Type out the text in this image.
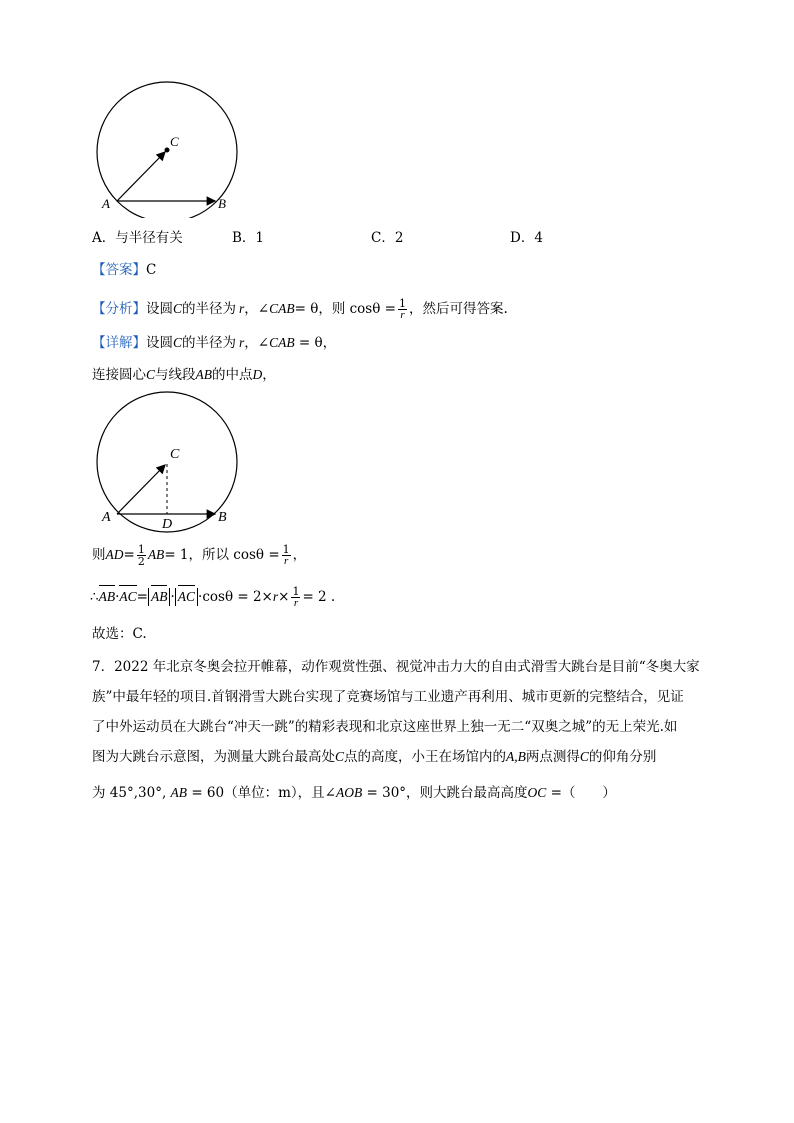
A	B
C
A．与半径有关	B．1	C．2	D．4
【答案】C
【分析】 设圆 C 的半径为 r ，∠ CAB = θ，则 $\cos\theta = \frac{1}{r}$ ，然后可得答案.
【详解】设圆C的半径为 r，∠CAB = θ，
连接圆心C与线段AB的中点D，
A	B
C
D
则 AD = $\frac{1}{2}$ AB = 1，所以 $\cos\theta = \frac{1}{r}$ ，
∴ AB · AC = AB · AC $\cdot\cos\theta = 2\times r \times \frac{1}{r} = 2$ .
故选：C.
7．2022 年北京冬奥会拉开帷幕，动作观赏性强、视觉冲击力大的自由式滑雪大跳台是目前“冬奥大家
族”中最年轻的项目.首钢滑雪大跳台实现了竞赛场馆与工业遗产再利用、城市更新的完整结合，见证
了中外运动员在大跳台“冲天一跳”的精彩表现和北京这座世界上独一无二“双奥之城”的无上荣光.如
图为大跳台示意图，为测量大跳台最高处C点的高度，小王在场馆内的A,B两点测得C的仰角分别
为 45°,30°, AB = 60（单位：m），且∠AOB = 30°，则大跳台最高高度OC =（　　）
